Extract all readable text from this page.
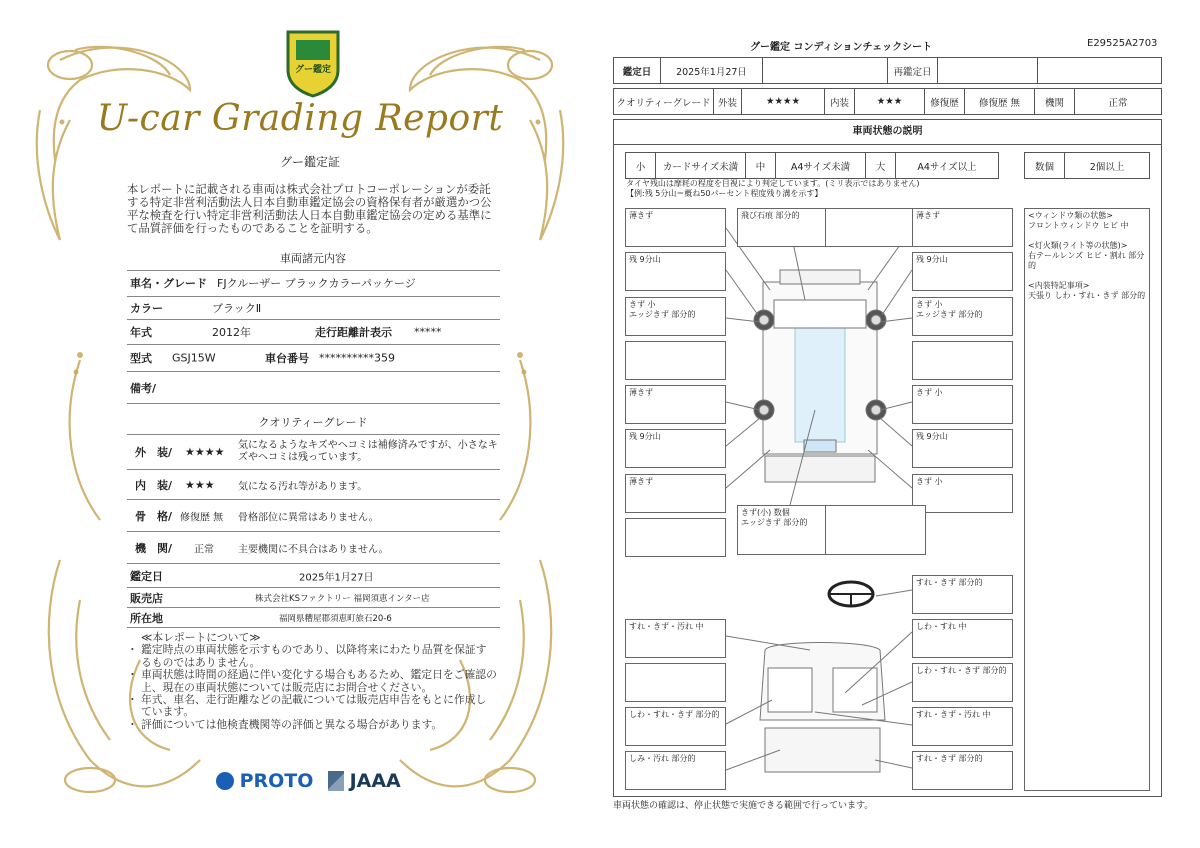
グー鑑定
U-car Grading Report
グー鑑定証
本レポートに記載される車両は株式会社プロトコーポレーションが委託する特定非営利活動法人日本自動車鑑定協会の資格保有者が厳選かつ公平な検査を行い特定非営利活動法人日本自動車鑑定協会の定める基準にて品質評価を行ったものであることを証明する。
車両諸元内容
車名・グレード FJクルーザー ブラックカラーパッケージ
カラー	ブラックⅡ
年式	2012年	走行距離計表示 *****
型式 GSJ15W	車台番号 **********359
備考/
クオリティーグレード
外　装/ ★★★★ 気になるようなキズやヘコミは補修済みですが、小さなキズやヘコミは残っています。
内　装/ ★★★ 気になる汚れ等があります。
骨　格/ 修復歴 無 骨格部位に異常はありません。
機　関/ 正常 主要機関に不具合はありません。
鑑定日	2025年1月27日
販売店	株式会社KSファクトリー 福岡須恵インター店
所在地	福岡県糟屋郡須恵町旅石20-6
≪本レポートについて≫
・ 鑑定時点の車両状態を示すものであり、以降将来にわたり品質を保証するものではありません。
・ 車両状態は時間の経過に伴い変化する場合もあるため、鑑定日をご確認の上、現在の車両状態については販売店にお問合せください。
・ 年式、車名、走行距離などの記載については販売店申告をもとに作成しています。
・ 評価については他検査機関等の評価と異なる場合があります。
PROTO	JAAA
グー鑑定 コンディションチェックシート	E29525A2703
鑑定日	2025年1月27日		再鑑定日		
クオリティーグレード	外装	★★★★	内装	★★★	修復歴	修復歴 無	機関	正常
車両状態の説明
小	カードサイズ未満	中	A4サイズ未満	大	A4サイズ以上	数個	2個以上
タイヤ残山は摩耗の程度を目視により判定しています。(ミリ表示ではありません)
【例:残 5分山＝概ね50パーセント程度残り溝を示す】
薄きず	飛び石痕 部分的	薄きず
残 9分山	残 9分山
きず 小
エッジきず 部分的
きず 小
エッジきず 部分的
薄きず	きず 小
残 9分山	残 9分山
薄きず	きず 小
きず(小) 数個
エッジきず 部分的
すれ・きず 部分的
すれ・きず・汚れ 中	しわ・すれ 中
しわ・すれ・きず 部分的
しわ・すれ・きず 部分的	すれ・きず・汚れ 中
しみ・汚れ 部分的	すれ・きず 部分的
<ウィンドウ類の状態>
フロントウィンドウ ヒビ 中

<灯火類(ライト等の状態)>
右テールレンズ ヒビ・割れ 部分的

<内装特記事項>
天張り しわ・すれ・きず 部分的
車両状態の確認は、停止状態で実施できる範囲で行っています。
